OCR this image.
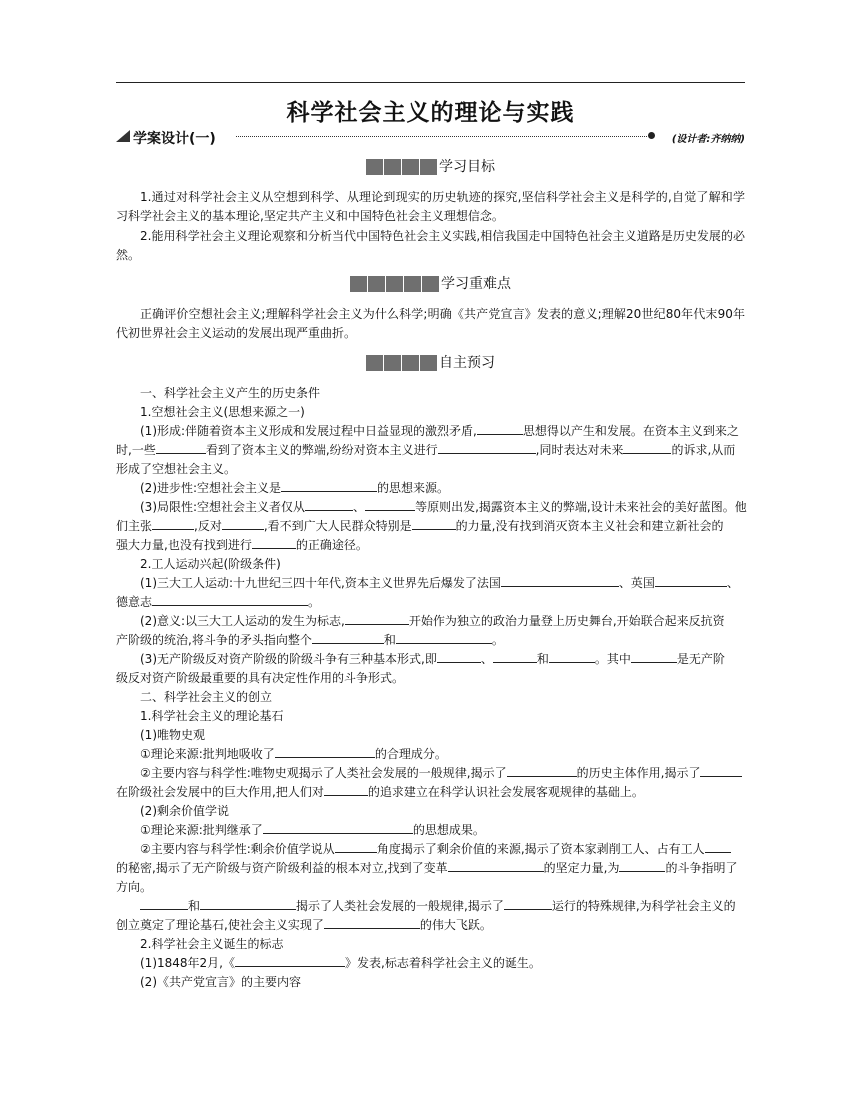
科学社会主义的理论与实践
学案设计(一)	(设计者:齐纳纳)
学习目标
1.通过对科学社会主义从空想到科学、从理论到现实的历史轨迹的探究,坚信科学社会主义是科学的,自觉了解和学习科学社会主义的基本理论,坚定共产主义和中国特色社会主义理想信念。
2.能用科学社会主义理论观察和分析当代中国特色社会主义实践,相信我国走中国特色社会主义道路是历史发展的必然。
学习重难点
正确评价空想社会主义;理解科学社会主义为什么科学;明确《共产党宣言》发表的意义;理解20世纪80年代末90年代初世界社会主义运动的发展出现严重曲折。
自主预习
一、科学社会主义产生的历史条件
1.空想社会主义(思想来源之一)
(1)形成:伴随着资本主义形成和发展过程中日益显现的激烈矛盾,	思想得以产生和发展。在资本主义到来之
时,一些	看到了资本主义的弊端,纷纷对资本主义进行	,同时表达对未来	的诉求,从而
形成了空想社会主义。
(2)进步性:空想社会主义是	的思想来源。
(3)局限性:空想社会主义者仅从	、	等原则出发,揭露资本主义的弊端,设计未来社会的美好蓝图。他
们主张	,反对	,看不到广大人民群众特别是	的力量,没有找到消灭资本主义社会和建立新社会的
强大力量,也没有找到进行	的正确途径。
2.工人运动兴起(阶级条件)
(1)三大工人运动:十九世纪三四十年代,资本主义世界先后爆发了法国	、英国	、
德意志	。
(2)意义:以三大工人运动的发生为标志,	开始作为独立的政治力量登上历史舞台,开始联合起来反抗资
产阶级的统治,将斗争的矛头指向整个	和	。
(3)无产阶级反对资产阶级的阶级斗争有三种基本形式,即	、	和	。其中	是无产阶
级反对资产阶级最重要的具有决定性作用的斗争形式。
二、科学社会主义的创立
1.科学社会主义的理论基石
(1)唯物史观
①理论来源:批判地吸收了	的合理成分。
②主要内容与科学性:唯物史观揭示了人类社会发展的一般规律,揭示了	的历史主体作用,揭示了
在阶级社会发展中的巨大作用,把人们对	的追求建立在科学认识社会发展客观规律的基础上。
(2)剩余价值学说
①理论来源:批判继承了	的思想成果。
②主要内容与科学性:剩余价值学说从	角度揭示了剩余价值的来源,揭示了资本家剥削工人、占有工人
的秘密,揭示了无产阶级与资产阶级利益的根本对立,找到了变革	的坚定力量,为	的斗争指明了
方向。
和	揭示了人类社会发展的一般规律,揭示了	运行的特殊规律,为科学社会主义的
创立奠定了理论基石,使社会主义实现了	的伟大飞跃。
2.科学社会主义诞生的标志
(1)1848年2月,《	》发表,标志着科学社会主义的诞生。
(2)《共产党宣言》的主要内容
